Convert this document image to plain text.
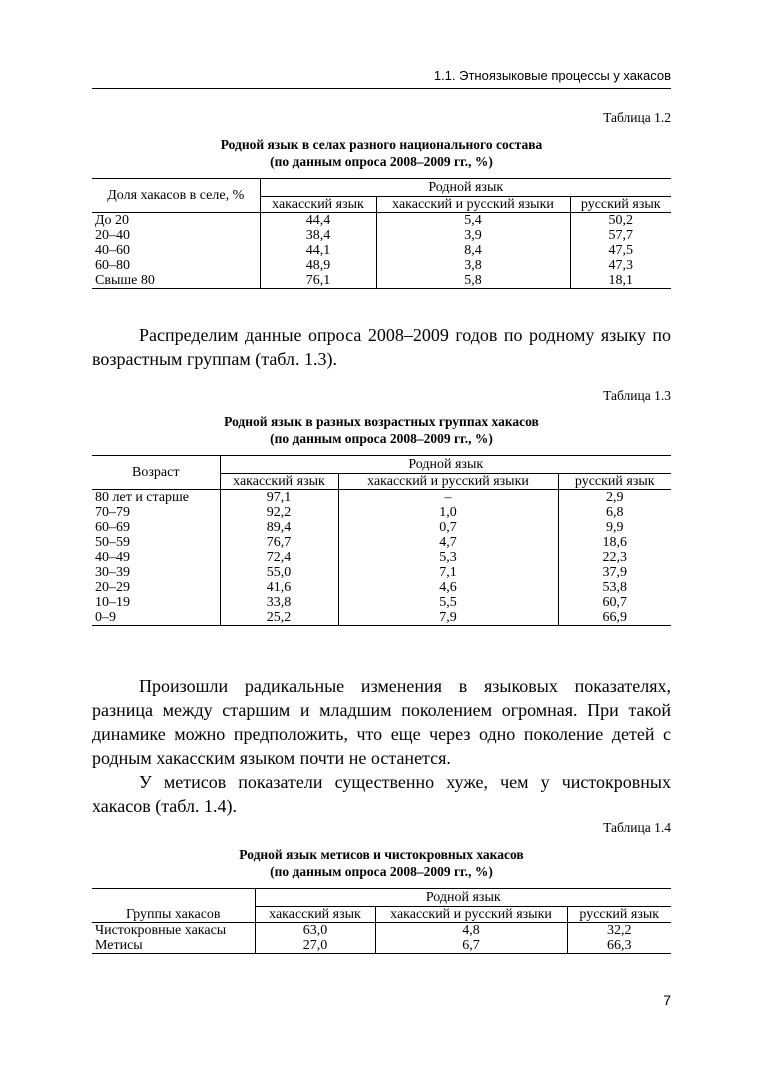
1.1. Этноязыковые процессы у хакасов
Таблица 1.2
Родной язык в селах разного национального состава
(по данным опроса 2008–2009 гг., %)
Доля хакасов в селе, %	Родной язык		
	хакасский язык	хакасский и русский языки	русский язык
До 20	44,4	5,4	50,2
20–40	38,4	3,9	57,7
40–60	44,1	8,4	47,5
60–80	48,9	3,8	47,3
Свыше 80	76,1	5,8	18,1

Распределим данные опроса 2008–2009 годов по родному языку по возрастным группам (табл. 1.3).

Таблица 1.3
Родной язык в разных возрастных группах хакасов
(по данным опроса 2008–2009 гг., %)
Возраст	Родной язык		
	хакасский язык	хакасский и русский языки	русский язык
80 лет и старше	97,1	–	2,9
70–79	92,2	1,0	6,8
60–69	89,4	0,7	9,9
50–59	76,7	4,7	18,6
40–49	72,4	5,3	22,3
30–39	55,0	7,1	37,9
20–29	41,6	4,6	53,8
10–19	33,8	5,5	60,7
0–9	25,2	7,9	66,9

Произошли радикальные изменения в языковых показателях, разница между старшим и младшим поколением огромная. При такой динамике можно предположить, что еще через одно поколение детей с родным хакасским языком почти не останется.

У метисов показатели существенно хуже, чем у чистокровных хакасов (табл. 1.4).

Таблица 1.4
Родной язык метисов и чистокровных хакасов
(по данным опроса 2008–2009 гг., %)
Группы хакасов	Родной язык		
	хакасский язык	хакасский и русский языки	русский язык
Чистокровные хакасы	63,0	4,8	32,2
Метисы	27,0	6,7	66,3
7
